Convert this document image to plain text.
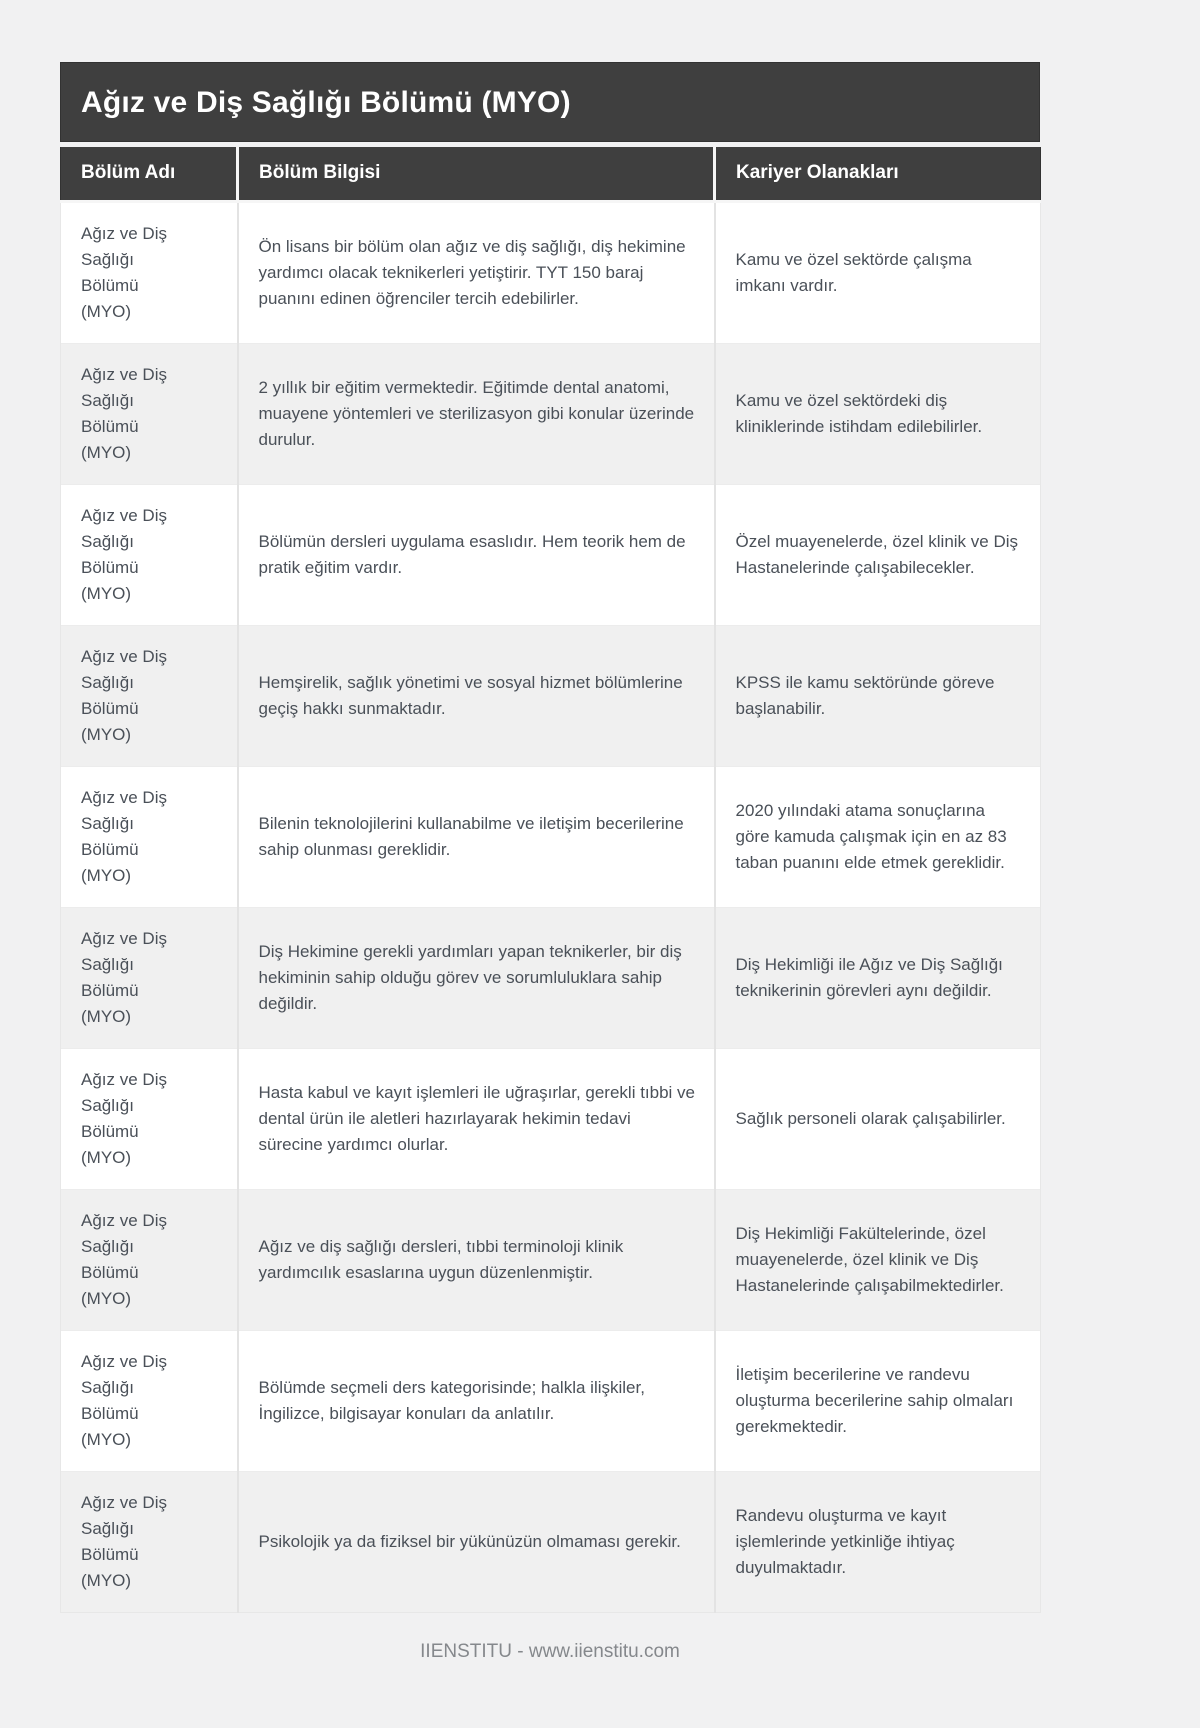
Ağız ve Diş Sağlığı Bölümü (MYO)
Bölüm Adı	Bölüm Bilgisi	Kariyer Olanakları
Ağız ve Diş Sağlığı Bölümü (MYO)	Ön lisans bir bölüm olan ağız ve diş sağlığı, diş hekimine yardımcı olacak teknikerleri yetiştirir. TYT 150 baraj puanını edinen öğrenciler tercih edebilirler.	Kamu ve özel sektörde çalışma imkanı vardır.
Ağız ve Diş Sağlığı Bölümü (MYO)	2 yıllık bir eğitim vermektedir. Eğitimde dental anatomi, muayene yöntemleri ve sterilizasyon gibi konular üzerinde durulur.	Kamu ve özel sektördeki diş kliniklerinde istihdam edilebilirler.
Ağız ve Diş Sağlığı Bölümü (MYO)	Bölümün dersleri uygulama esaslıdır. Hem teorik hem de pratik eğitim vardır.	Özel muayenelerde, özel klinik ve Diş Hastanelerinde çalışabilecekler.
Ağız ve Diş Sağlığı Bölümü (MYO)	Hemşirelik, sağlık yönetimi ve sosyal hizmet bölümlerine geçiş hakkı sunmaktadır.	KPSS ile kamu sektöründe göreve başlanabilir.
Ağız ve Diş Sağlığı Bölümü (MYO)	Bilenin teknolojilerini kullanabilme ve iletişim becerilerine sahip olunması gereklidir.	2020 yılındaki atama sonuçlarına göre kamuda çalışmak için en az 83 taban puanını elde etmek gereklidir.
Ağız ve Diş Sağlığı Bölümü (MYO)	Diş Hekimine gerekli yardımları yapan teknikerler, bir diş hekiminin sahip olduğu görev ve sorumluluklara sahip değildir.	Diş Hekimliği ile Ağız ve Diş Sağlığı teknikerinin görevleri aynı değildir.
Ağız ve Diş Sağlığı Bölümü (MYO)	Hasta kabul ve kayıt işlemleri ile uğraşırlar, gerekli tıbbi ve dental ürün ile aletleri hazırlayarak hekimin tedavi sürecine yardımcı olurlar.	Sağlık personeli olarak çalışabilirler.
Ağız ve Diş Sağlığı Bölümü (MYO)	Ağız ve diş sağlığı dersleri, tıbbi terminoloji klinik yardımcılık esaslarına uygun düzenlenmiştir.	Diş Hekimliği Fakültelerinde, özel muayenelerde, özel klinik ve Diş Hastanelerinde çalışabilmektedirler.
Ağız ve Diş Sağlığı Bölümü (MYO)	Bölümde seçmeli ders kategorisinde; halkla ilişkiler, İngilizce, bilgisayar konuları da anlatılır.	İletişim becerilerine ve randevu oluşturma becerilerine sahip olmaları gerekmektedir.
Ağız ve Diş Sağlığı Bölümü (MYO)	Psikolojik ya da fiziksel bir yükünüzün olmaması gerekir.	Randevu oluşturma ve kayıt işlemlerinde yetkinliğe ihtiyaç duyulmaktadır.
IIENSTITU - www.iienstitu.com
